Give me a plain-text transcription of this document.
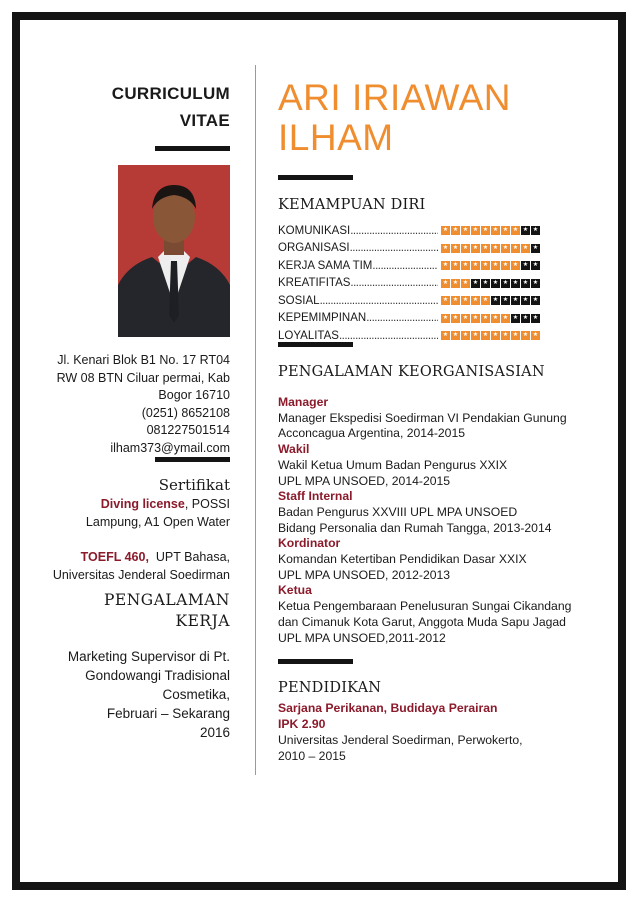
CURRICULUM
VITAE
Jl. Kenari Blok B1 No. 17 RT04
RW 08 BTN Ciluar permai, Kab
Bogor 16710
(0251) 8652108
081227501514
ilham373@ymail.com
Sertifikat
Diving license, POSSI
Lampung, A1 Open Water
TOEFL 460,  UPT Bahasa,
Universitas Jenderal Soedirman
PENGALAMAN
KERJA
Marketing Supervisor di Pt.
Gondowangi Tradisional
Cosmetika,
Februari – Sekarang
2016
ARI IRIAWAN
ILHAM
KEMAMPUAN DIRI
KOMUNIKASI .....	★ ★ ★ ★ ★ ★ ★ ★ ★ ★
ORGANISASI .....	★ ★ ★ ★ ★ ★ ★ ★ ★ ★
KERJA SAMA TIM .....	★ ★ ★ ★ ★ ★ ★ ★ ★ ★
KREATIFITAS .....	★ ★ ★ ★ ★ ★ ★ ★ ★ ★
SOSIAL .....	★ ★ ★ ★ ★ ★ ★ ★ ★ ★
KEPEMIMPINAN .....	★ ★ ★ ★ ★ ★ ★ ★ ★ ★
LOYALITAS .....	★ ★ ★ ★ ★ ★ ★ ★ ★ ★
PENGALAMAN KEORGANISASIAN
Manager
Manager Ekspedisi Soedirman VI Pendakian Gunung
Acconcagua Argentina, 2014-2015
Wakil
Wakil Ketua Umum Badan Pengurus XXIX
UPL MPA UNSOED, 2014-2015
Staff Internal
Badan Pengurus XXVIII UPL MPA UNSOED
Bidang Personalia dan Rumah Tangga, 2013-2014
Kordinator
Komandan Ketertiban Pendidikan Dasar XXIX
UPL MPA UNSOED, 2012-2013
Ketua
Ketua Pengembaraan Penelusuran Sungai Cikandang
dan Cimanuk Kota Garut, Anggota Muda Sapu Jagad
UPL MPA UNSOED,2011-2012
PENDIDIKAN
Sarjana Perikanan, Budidaya Perairan
IPK 2.90
Universitas Jenderal Soedirman, Perwokerto,
2010 – 2015
